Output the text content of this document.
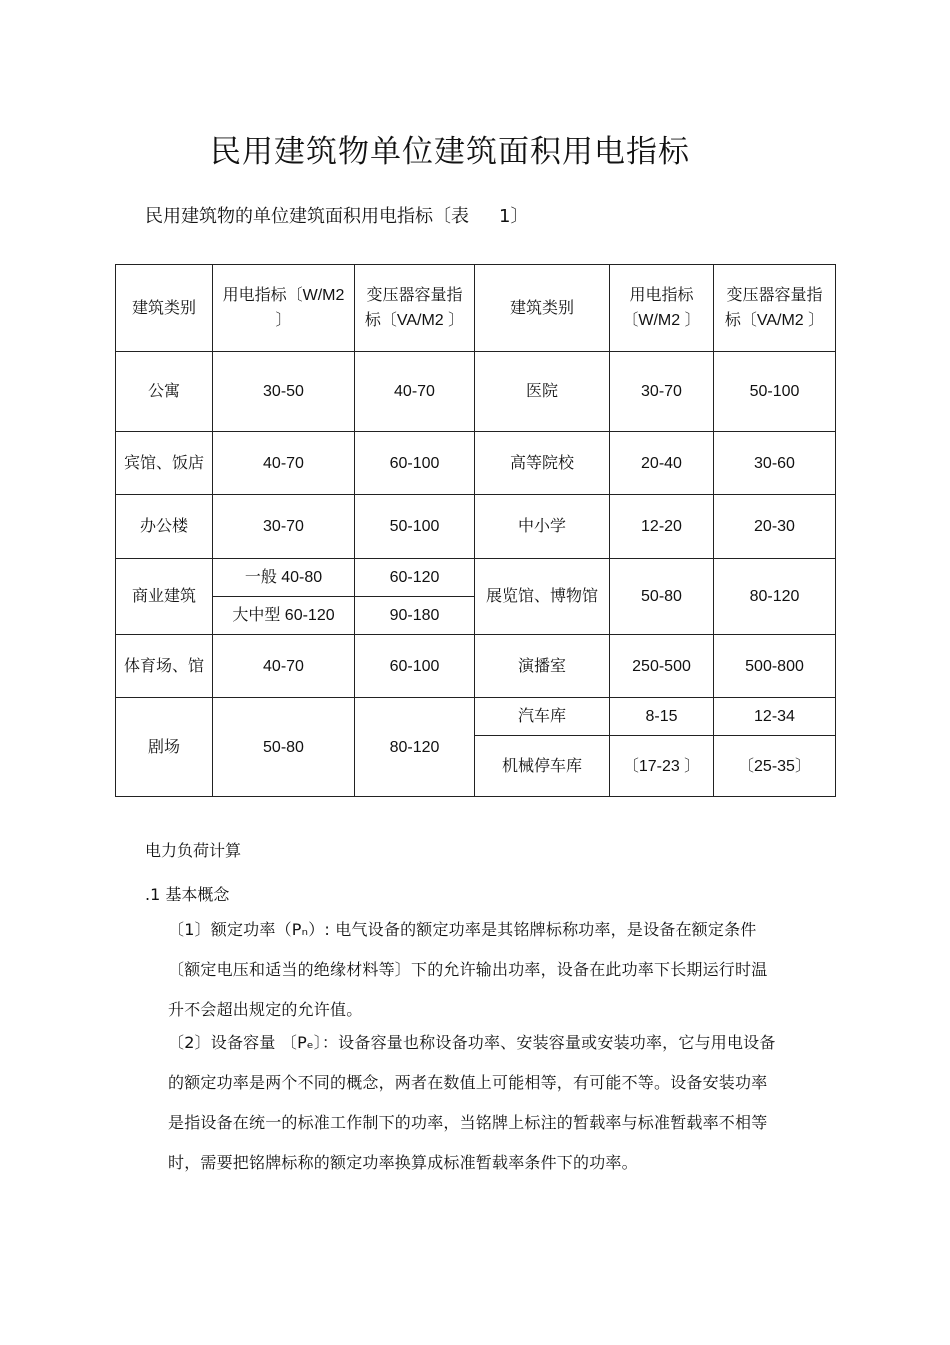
民用建筑物单位建筑面积用电指标
民用建筑物的单位建筑面积用电指标〔表 1〕
建筑类别	用电指标〔W/M2 〕	变压器容量指标〔VA/M2 〕	建筑类别	用电指标〔W/M2 〕	变压器容量指标〔VA/M2 〕
公寓	30-50	40-70	医院	30-70	50-100
宾馆、饭店	40-70	60-100	高等院校	20-40	30-60
办公楼	30-70	50-100	中小学	12-20	20-30
商业建筑	一般 40-80	60-120	展览馆、博物馆	50-80	80-120
	大中型 60-120	90-180			
体育场、馆	40-70	60-100	演播室	250-500	500-800
剧场	50-80	80-120	汽车库	8-15	12-34
			机械停车库	〔17-23 〕	〔25-35〕
电力负荷计算
.1 基本概念
〔1〕额定功率（Pₙ）: 电气设备的额定功率是其铭牌标称功率，是设备在额定条件〔额定电压和适当的绝缘材料等〕下的允许输出功率，设备在此功率下长期运行时温升不会超出规定的允许值。
〔2〕设备容量 〔Pₑ〕：设备容量也称设备功率、安装容量或安装功率，它与用电设备的额定功率是两个不同的概念，两者在数值上可能相等，有可能不等。设备安装功率是指设备在统一的标准工作制下的功率，当铭牌上标注的暂载率与标准暂载率不相等时，需要把铭牌标称的额定功率换算成标准暂载率条件下的功率。
